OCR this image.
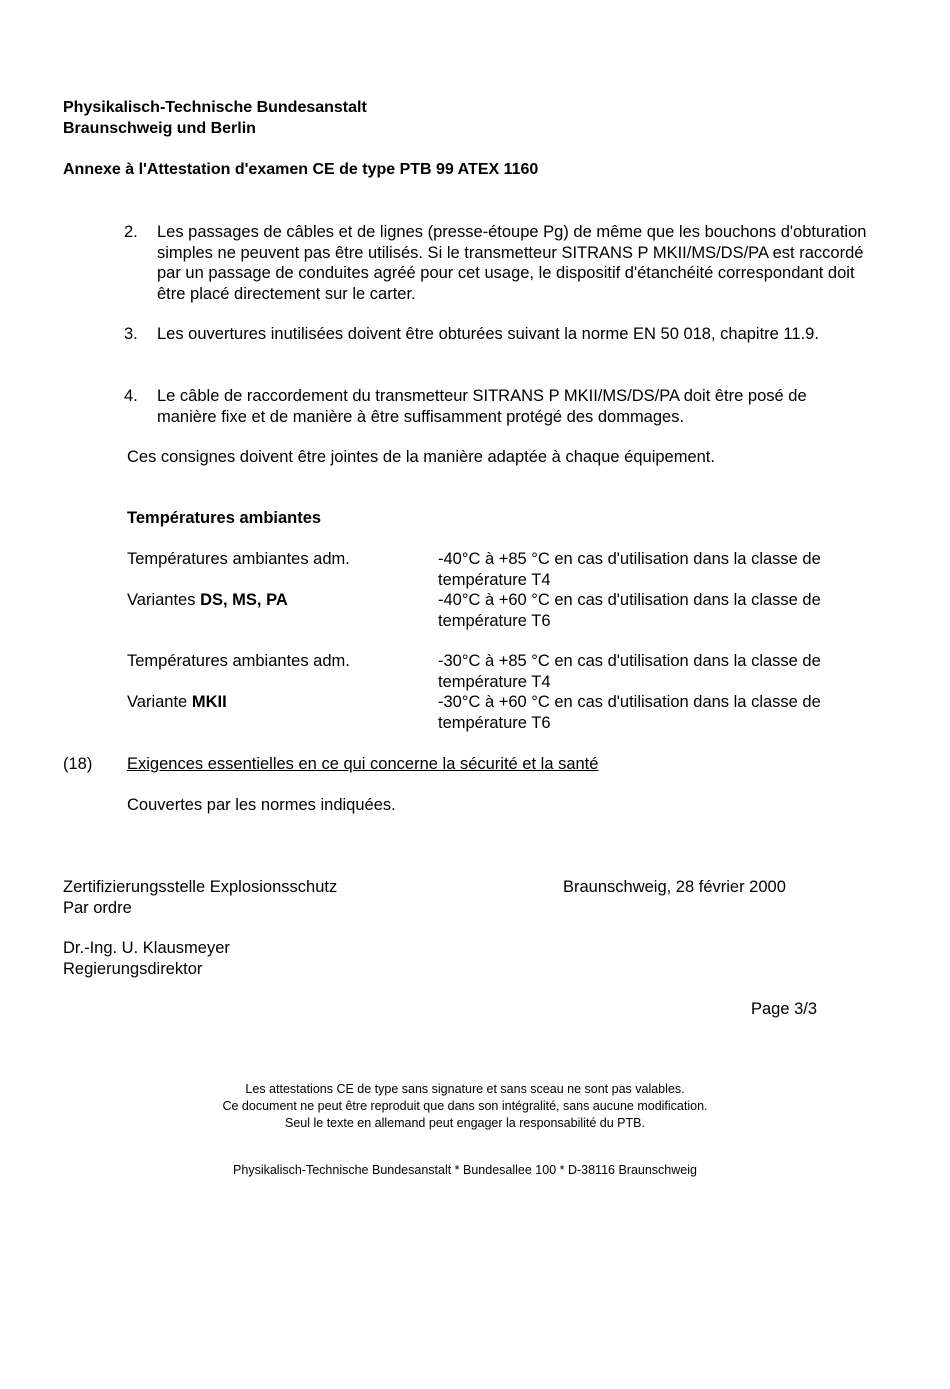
Physikalisch-Technische Bundesanstalt
Braunschweig und Berlin
Annexe à l'Attestation d'examen CE de type PTB 99 ATEX 1160
2. Les passages de câbles et de lignes (presse-étoupe Pg) de même que les bouchons d'obturation simples ne peuvent pas être utilisés. Si le transmetteur SITRANS P MKII/MS/DS/PA est raccordé par un passage de conduites agréé pour cet usage, le dispositif d'étanchéité correspondant doit être placé directement sur le carter.
3. Les ouvertures inutilisées doivent être obturées suivant la norme EN 50 018, chapitre 11.9.
4. Le câble de raccordement du transmetteur SITRANS P MKII/MS/DS/PA doit être posé de manière fixe et de manière à être suffisamment protégé des dommages.
Ces consignes doivent être jointes de la manière adaptée à chaque équipement.
Températures ambiantes
Températures ambiantes adm.	-40°C à +85 °C en cas d'utilisation dans la classe de température T4
Variantes DS, MS, PA	-40°C à +60 °C en cas d'utilisation dans la classe de température T6
Températures ambiantes adm.	-30°C à +85 °C en cas d'utilisation dans la classe de température T4
Variante MKII	-30°C à +60 °C en cas d'utilisation dans la classe de température T6
(18) Exigences essentielles en ce qui concerne la sécurité et la santé
Couvertes par les normes indiquées.
Zertifizierungsstelle Explosionsschutz
Par ordre
Braunschweig, 28 février 2000
Dr.-Ing. U. Klausmeyer
Regierungsdirektor
Page 3/3
Les attestations CE de type sans signature et sans sceau ne sont pas valables.
Ce document ne peut être reproduit que dans son intégralité, sans aucune modification.
Seul le texte en allemand peut engager la responsabilité du PTB.
Physikalisch-Technische Bundesanstalt * Bundesallee 100 * D-38116 Braunschweig
